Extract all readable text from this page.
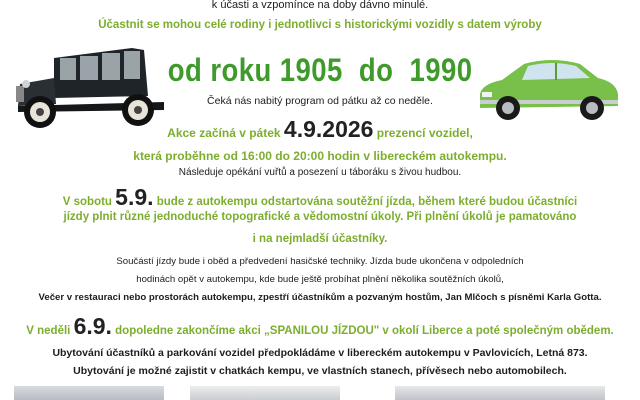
k účasti a vzpomínce na doby dávno minulé.
Účastnit se mohou celé rodiny i jednotlivci s historickými vozidly s datem výroby
od roku 1905 do 1990
Čeká nás nabitý program od pátku až co neděle.
Akce začíná v pátek 4.9.2026 prezencí vozidel,
která proběhne od 16:00 do 20:00 hodin v libereckém autokempu.
Následuje opékání vuřtů a posezení u táboráku s živou hudbou.
V sobotu 5.9. bude z autokempu odstartována soutěžní jízda, během které budou účastníci
jízdy plnit různé jednoduché topografické a vědomostní úkoly. Při plnění úkolů je pamatováno
i na nejmladší účastníky.
Součástí jízdy bude i oběd a předvedení hasičské techniky. Jízda bude ukončena v odpoledních
hodinách opět v autokempu, kde bude ještě probíhat plnění několika soutěžních úkolů,
Večer v restauraci nebo prostorách autokempu, zpestří účastníkům a pozvaným hostům, Jan Mlčoch s písněmi Karla Gotta.
V neděli 6.9. dopoledne zakončíme akci „SPANILOU JÍZDOU" v okolí Liberce a poté společným obědem.
Ubytování účastníků a parkování vozidel předpokládáme v libereckém autokempu v Pavlovicích, Letná 873.
Ubytování je možné zajistit v chatkách kempu, ve vlastních stanech, přívěsech nebo automobilech.
